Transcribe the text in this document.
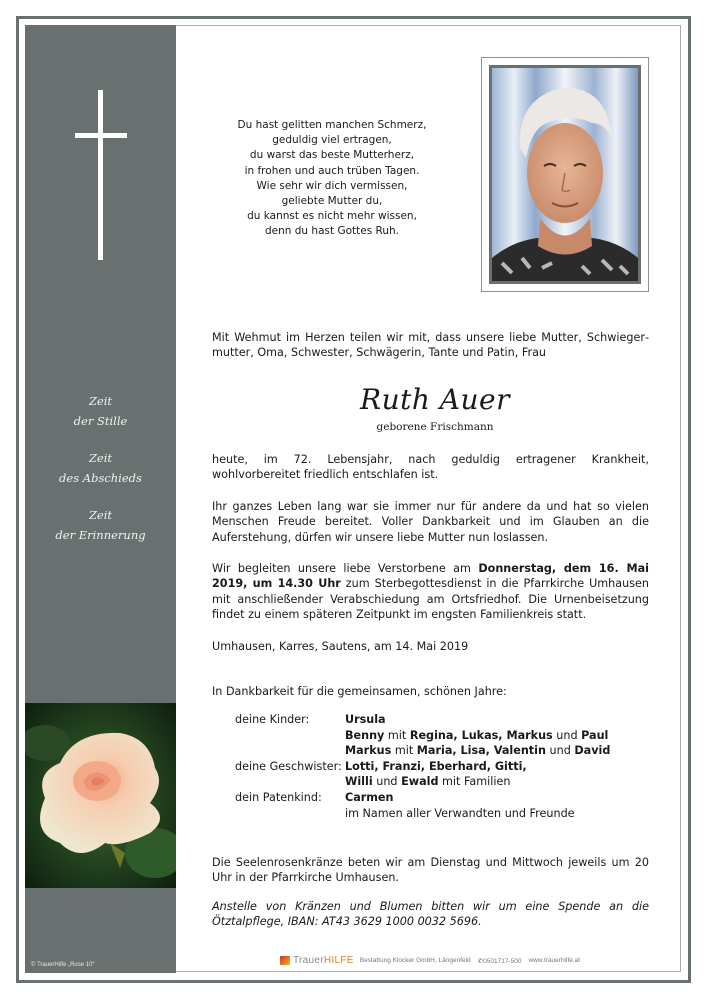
Zeit
der Stille
Zeit
des Abschieds
Zeit
der Erinnerung
© TrauerHilfe „Rose 10“
Du hast gelitten manchen Schmerz,
geduldig viel ertragen,
du warst das beste Mutterherz,
in frohen und auch trüben Tagen.
Wie sehr wir dich vermissen,
geliebte Mutter du,
du kannst es nicht mehr wissen,
denn du hast Gottes Ruh.
Mit Wehmut im Herzen teilen wir mit, dass unsere liebe Mutter, Schwiegermutter, Oma, Schwester, Schwägerin, Tante und Patin, Frau
Ruth Auer
geborene Frischmann
heute, im 72. Lebensjahr, nach geduldig ertragener Krankheit, wohlvorbereitet friedlich entschlafen ist.
Ihr ganzes Leben lang war sie immer nur für andere da und hat so vielen Menschen Freude bereitet. Voller Dankbarkeit und im Glauben an die Auferstehung, dürfen wir unsere liebe Mutter nun loslassen.
Wir begleiten unsere liebe Verstorbene am Donnerstag, dem 16. Mai 2019, um 14.30 Uhr zum Sterbegottesdienst in die Pfarrkirche Umhausen mit anschließender Verabschiedung am Ortsfriedhof. Die Urnenbeisetzung findet zu einem späteren Zeitpunkt im engsten Familienkreis statt.
Umhausen, Karres, Sautens, am 14. Mai 2019
In Dankbarkeit für die gemeinsamen, schönen Jahre:
deine Kinder:	Ursula
Benny mit Regina, Lukas, Markus und Paul
Markus mit Maria, Lisa, Valentin und David
deine Geschwister: Lotti, Franzi, Eberhard, Gitti,
Willi und Ewald mit Familien
dein Patenkind:	Carmen
im Namen aller Verwandten und Freunde
Die Seelenrosenkränze beten wir am Dienstag und Mittwoch jeweils um 20 Uhr in der Pfarrkirche Umhausen.
Anstelle von Kränzen und Blumen bitten wir um eine Spende an die Ötztalpflege, IBAN: AT43 3629 1000 0032 5696.
Trauer HILFE Bestattung Klocker GmbH, Längenfeld ✆0501717-500 www.trauerhilfe.at
